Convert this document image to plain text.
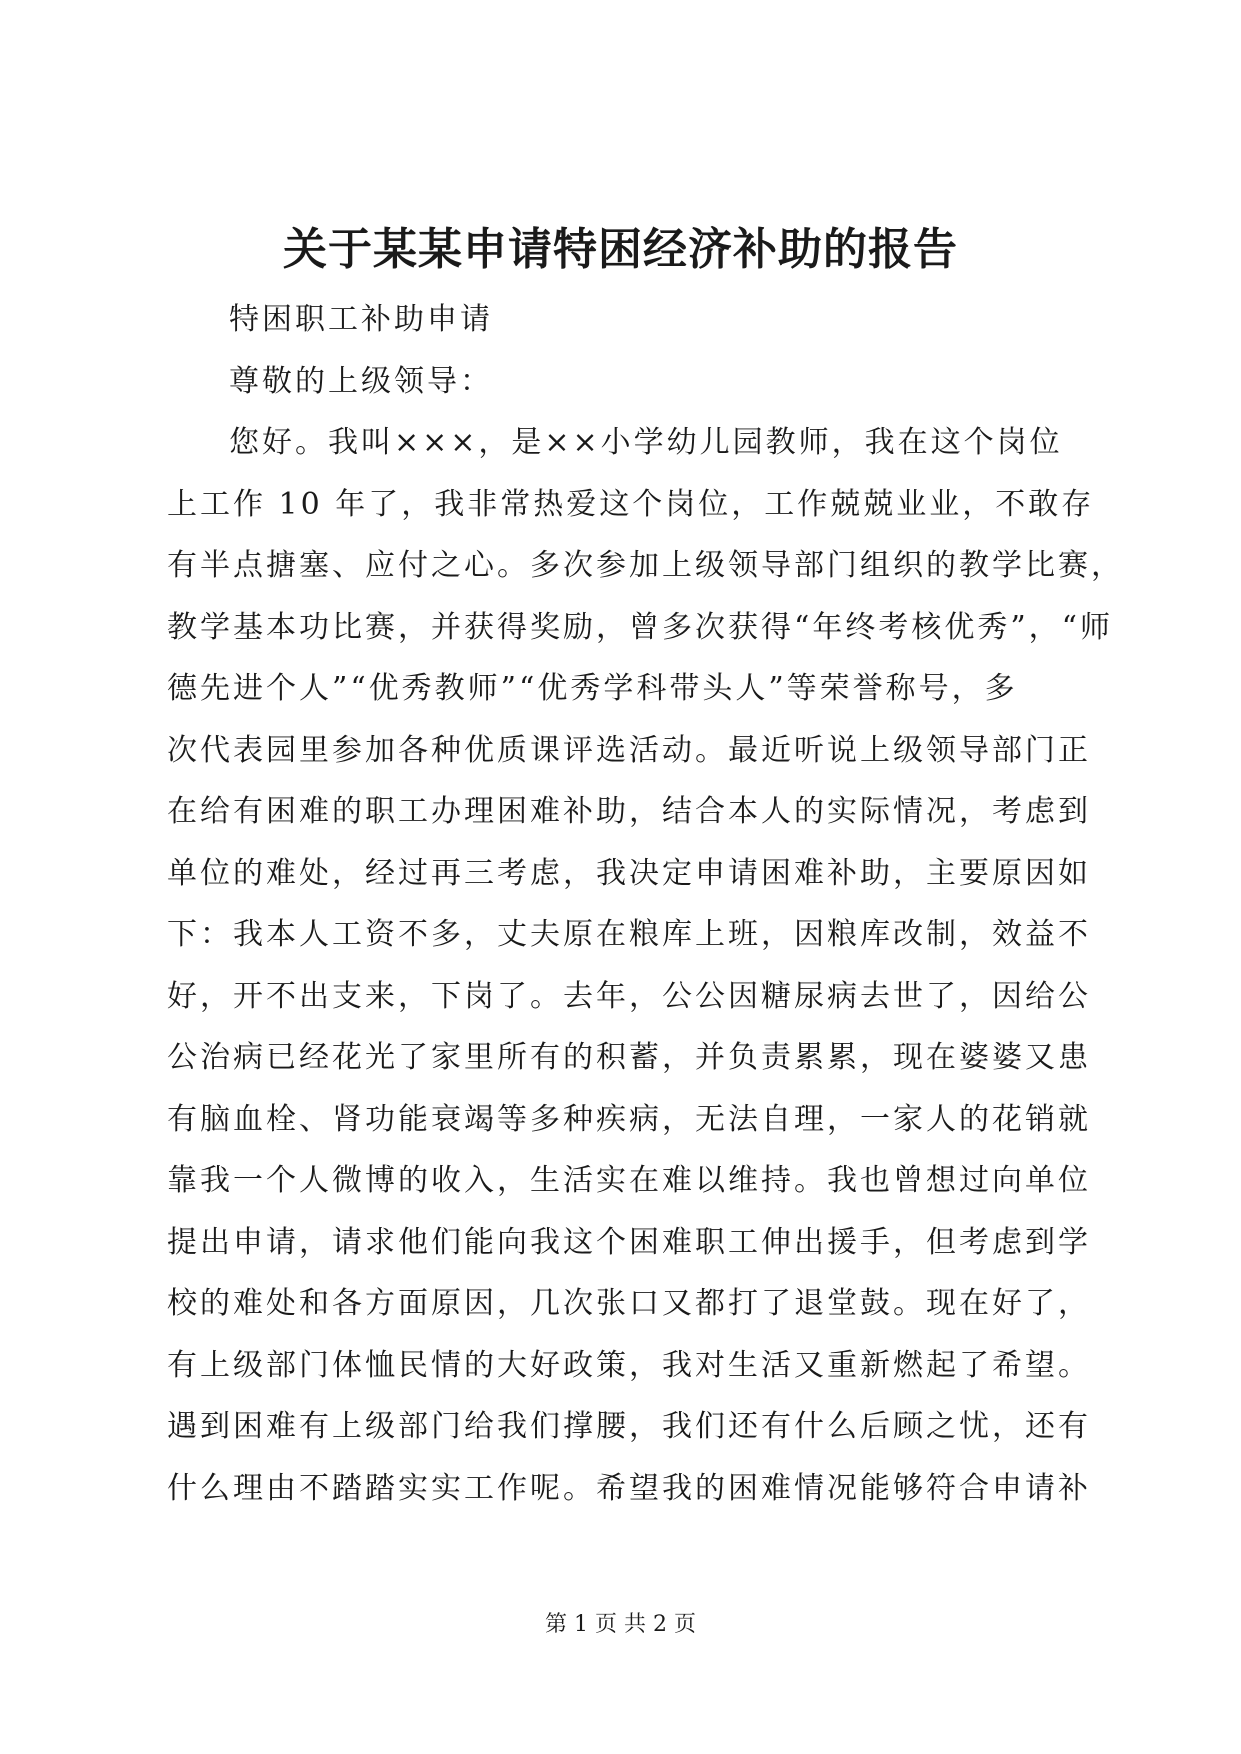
关于某某申请特困经济补助的报告
特困职工补助申请
尊敬的上级领导：
您好。我叫×××，是××小学幼儿园教师，我在这个岗位
上工作 10 年了，我非常热爱这个岗位，工作兢兢业业，不敢存
有半点搪塞、应付之心。多次参加上级领导部门组织的教学比赛，
教学基本功比赛，并获得奖励，曾多次获得“年终考核优秀”，“师
德先进个人”“优秀教师”“优秀学科带头人”等荣誉称号，多
次代表园里参加各种优质课评选活动。最近听说上级领导部门正
在给有困难的职工办理困难补助，结合本人的实际情况，考虑到
单位的难处，经过再三考虑，我决定申请困难补助，主要原因如
下：我本人工资不多，丈夫原在粮库上班，因粮库改制，效益不
好，开不出支来，下岗了。去年，公公因糖尿病去世了，因给公
公治病已经花光了家里所有的积蓄，并负责累累，现在婆婆又患
有脑血栓、肾功能衰竭等多种疾病，无法自理，一家人的花销就
靠我一个人微博的收入，生活实在难以维持。我也曾想过向单位
提出申请，请求他们能向我这个困难职工伸出援手，但考虑到学
校的难处和各方面原因，几次张口又都打了退堂鼓。现在好了，
有上级部门体恤民情的大好政策，我对生活又重新燃起了希望。
遇到困难有上级部门给我们撑腰，我们还有什么后顾之忧，还有
什么理由不踏踏实实工作呢。希望我的困难情况能够符合申请补
第 1 页 共 2 页
